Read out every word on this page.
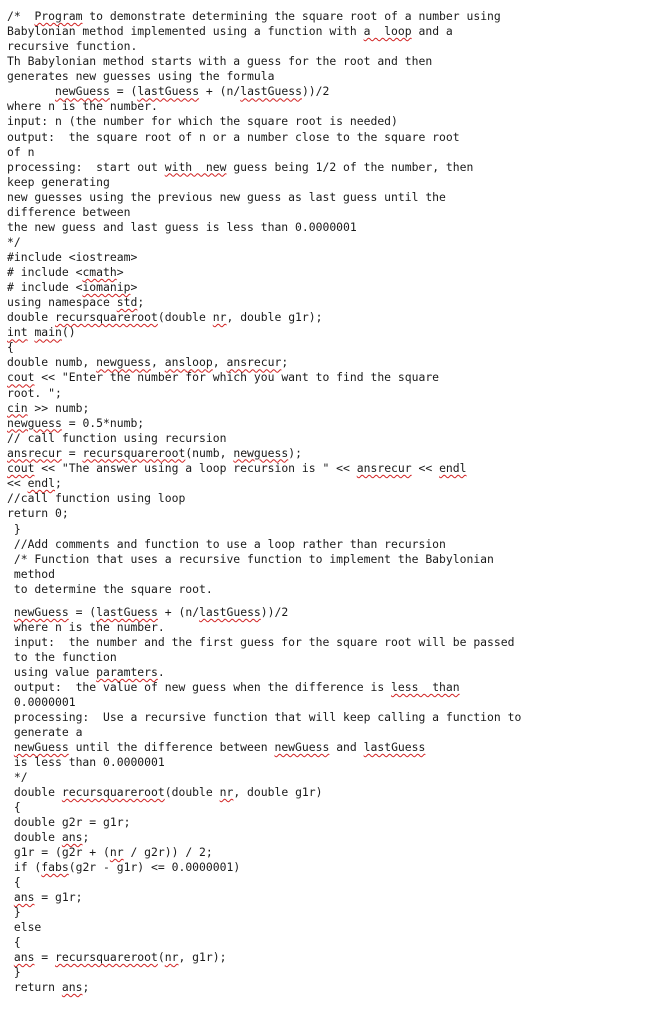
/*  Program to demonstrate determining the square root of a number using
Babylonian method implemented using a function with a  loop and a
recursive function.
Th Babylonian method starts with a guess for the root and then
generates new guesses using the formula
newGuess = (lastGuess + (n/lastGuess))/2
where n is the number.
input: n (the number for which the square root is needed)
output:  the square root of n or a number close to the square root
of n
processing:  start out with  new guess being 1/2 of the number, then
keep generating
new guesses using the previous new guess as last guess until the
difference between
the new guess and last guess is less than 0.0000001
*/
#include <iostream>
# include <cmath>
# include <iomanip>
using namespace std;
double recursquareroot(double nr, double g1r);
int main()
{
double numb, newguess, ansloop, ansrecur;
cout << "Enter the number for which you want to find the square
root. ";
cin >> numb;
newguess = 0.5*numb;
// call function using recursion
ansrecur = recursquareroot(numb, newguess);
cout << "The answer using a loop recursion is " << ansrecur << endl
<< endl;
//call function using loop
return 0;
}
//Add comments and function to use a loop rather than recursion
/* Function that uses a recursive function to implement the Babylonian
method
to determine the square root.
newGuess = (lastGuess + (n/lastGuess))/2
where n is the number.
input:  the number and the first guess for the square root will be passed
to the function
using value paramters.
output:  the value of new guess when the difference is less  than
0.0000001
processing:  Use a recursive function that will keep calling a function to
generate a
newGuess until the difference between newGuess and lastGuess
is less than 0.0000001
*/
double recursquareroot(double nr, double g1r)
{
double g2r = g1r;
double ans;
g1r = (g2r + (nr / g2r)) / 2;
if (fabs(g2r - g1r) <= 0.0000001)
{
ans = g1r;
}
else
{
ans = recursquareroot(nr, g1r);
}
return ans;
